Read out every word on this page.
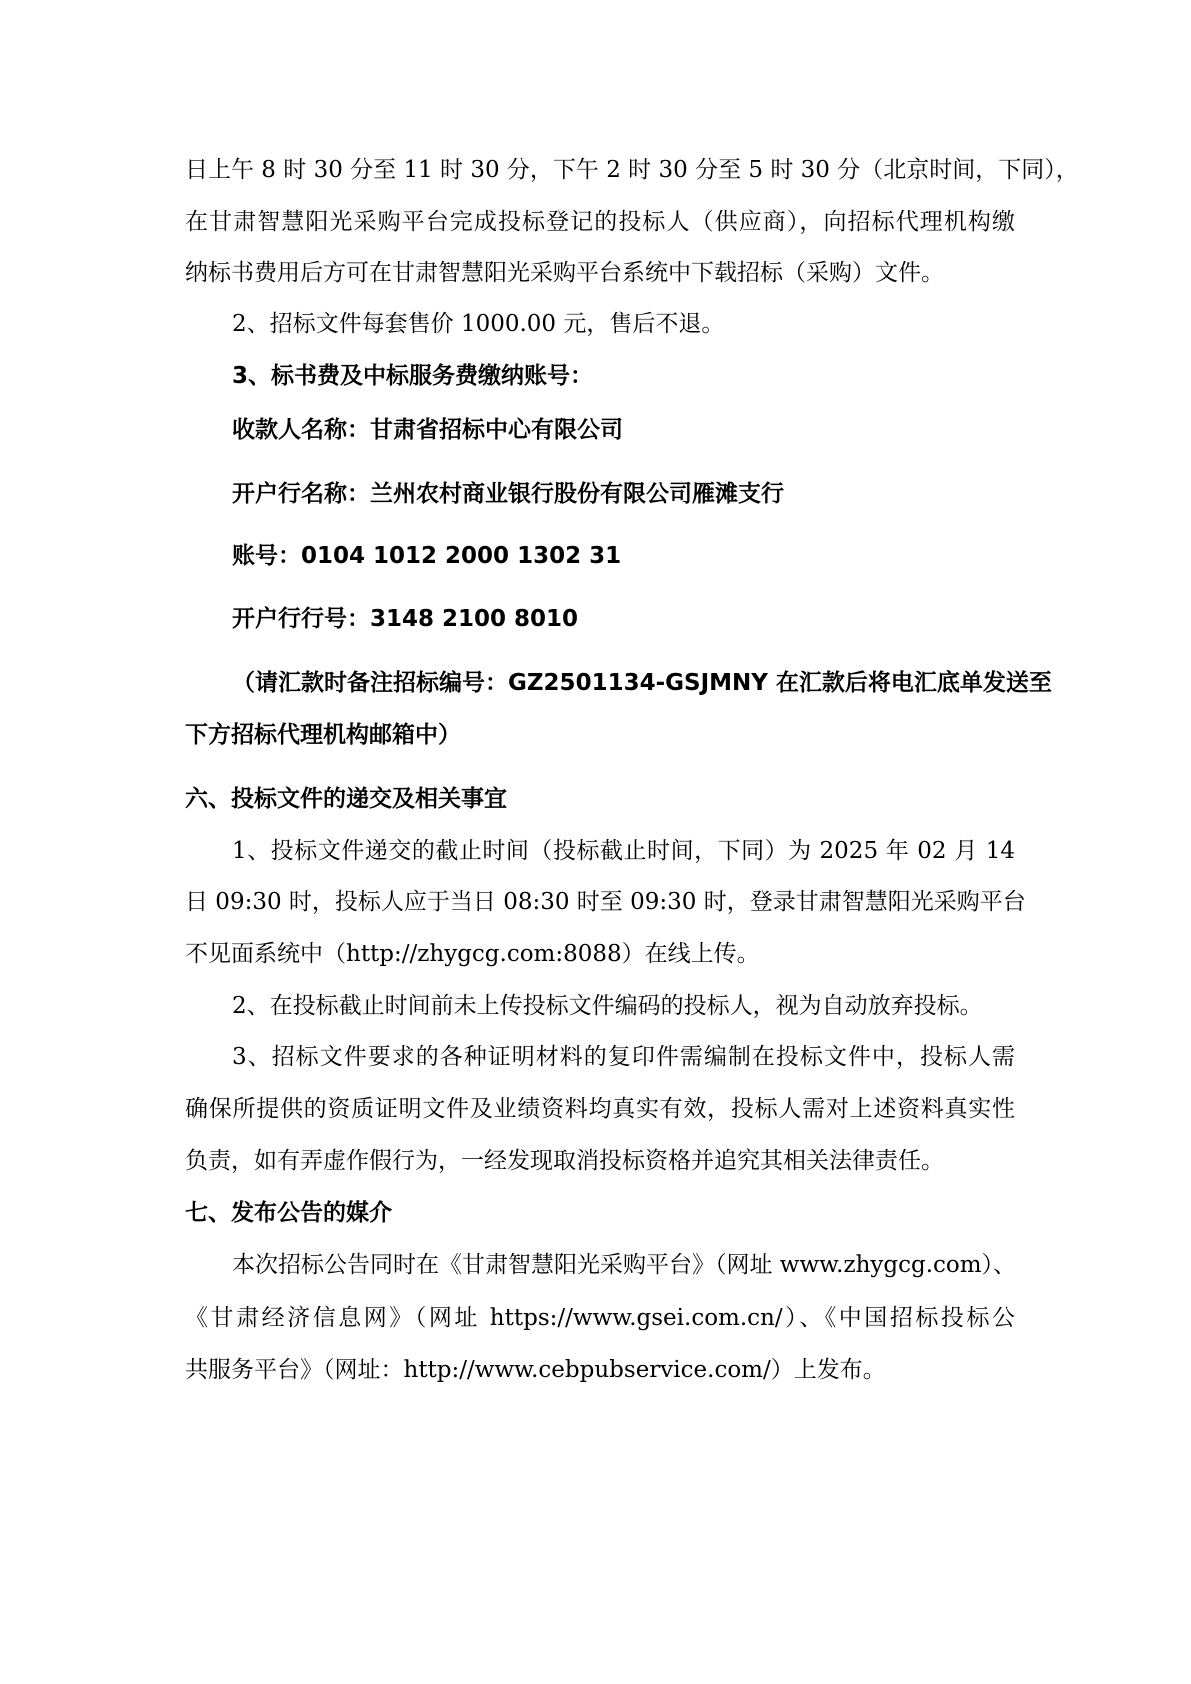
日上午 8 时 30 分至 11 时 30 分，下午 2 时 30 分至 5 时 30 分（北京时间，下同），
在甘肃智慧阳光采购平台完成投标登记的投标人（供应商），向招标代理机构缴
纳标书费用后方可在甘肃智慧阳光采购平台系统中下载招标（采购）文件。
2、招标文件每套售价 1000.00 元，售后不退。
3、标书费及中标服务费缴纳账号：
收款人名称：甘肃省招标中心有限公司
开户行名称：兰州农村商业银行股份有限公司雁滩支行
账号：0104 1012 2000 1302 31
开户行行号：3148 2100 8010
（请汇款时备注招标编号：GZ2501134-GSJMNY 在汇款后将电汇底单发送至
下方招标代理机构邮箱中）
六、投标文件的递交及相关事宜
1、投标文件递交的截止时间（投标截止时间，下同）为 2025 年 02 月 14
日 09:30 时，投标人应于当日 08:30 时至 09:30 时，登录甘肃智慧阳光采购平台
不见面系统中（http://zhygcg.com:8088）在线上传。
2、在投标截止时间前未上传投标文件编码的投标人，视为自动放弃投标。
3、招标文件要求的各种证明材料的复印件需编制在投标文件中，投标人需
确保所提供的资质证明文件及业绩资料均真实有效，投标人需对上述资料真实性
负责，如有弄虚作假行为，一经发现取消投标资格并追究其相关法律责任。
七、发布公告的媒介
本次招标公告同时在《甘肃智慧阳光采购平台》（网址 www.zhygcg.com）、
《甘肃经济信息网》（网址 https://www.gsei.com.cn/）、《中国招标投标公
共服务平台》（网址：http://www.cebpubservice.com/）上发布。
